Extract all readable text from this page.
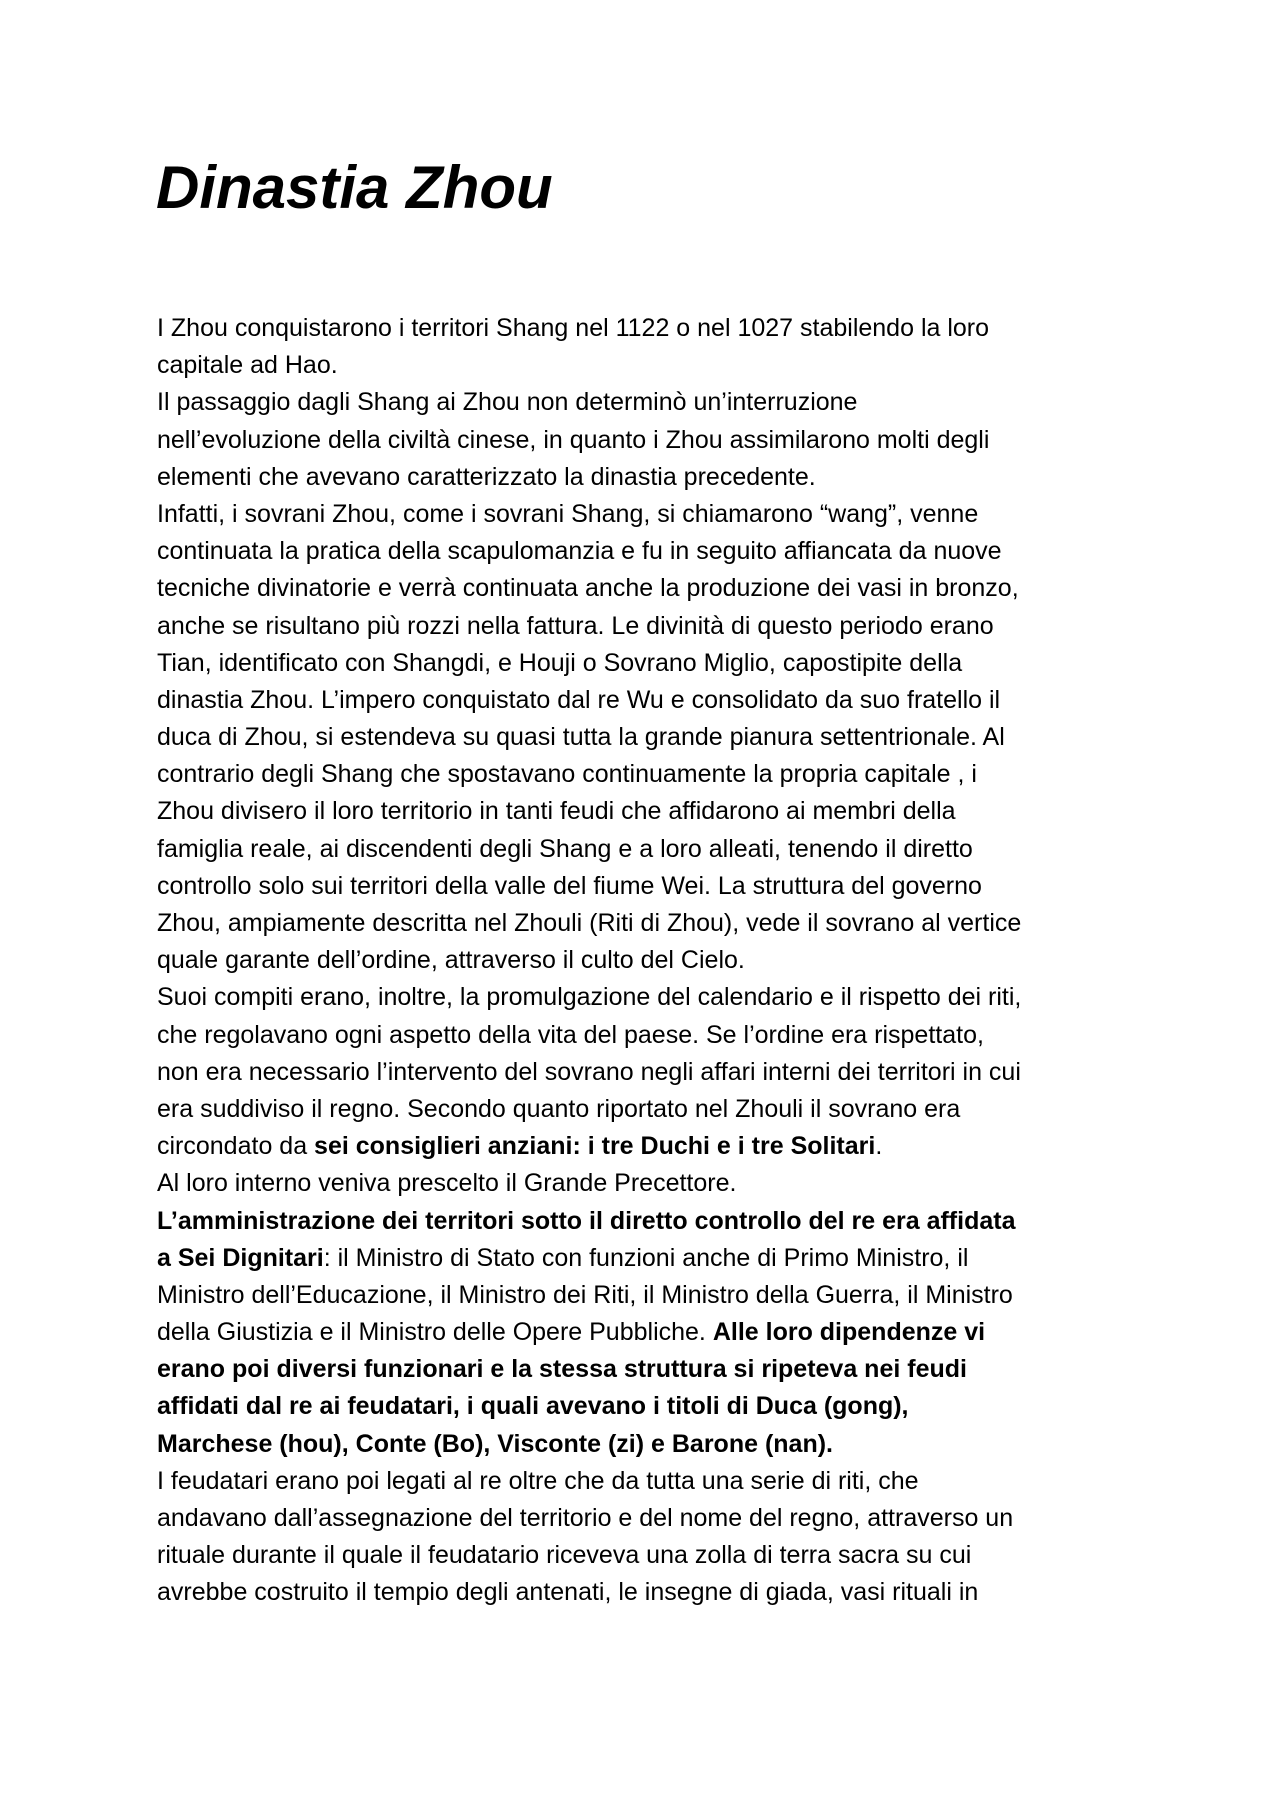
Dinastia Zhou
I Zhou conquistarono i territori Shang nel 1122 o nel 1027 stabilendo la loro
capitale ad Hao.
Il passaggio dagli Shang ai Zhou non determinò un’interruzione
nell’evoluzione della civiltà cinese, in quanto i Zhou assimilarono molti degli
elementi che avevano caratterizzato la dinastia precedente.
Infatti, i sovrani Zhou, come i sovrani Shang, si chiamarono “wang”, venne
continuata la pratica della scapulomanzia e fu in seguito affiancata da nuove
tecniche divinatorie e verrà continuata anche la produzione dei vasi in bronzo,
anche se risultano più rozzi nella fattura. Le divinità di questo periodo erano
Tian, identificato con Shangdi, e Houji o Sovrano Miglio, capostipite della
dinastia Zhou. L’impero conquistato dal re Wu e consolidato da suo fratello il
duca di Zhou, si estendeva su quasi tutta la grande pianura settentrionale. Al
contrario degli Shang che spostavano continuamente la propria capitale , i
Zhou divisero il loro territorio in tanti feudi che affidarono ai membri della
famiglia reale, ai discendenti degli Shang e a loro alleati, tenendo il diretto
controllo solo sui territori della valle del fiume Wei. La struttura del governo
Zhou, ampiamente descritta nel Zhouli (Riti di Zhou), vede il sovrano al vertice
quale garante dell’ordine, attraverso il culto del Cielo.
Suoi compiti erano, inoltre, la promulgazione del calendario e il rispetto dei riti,
che regolavano ogni aspetto della vita del paese. Se l’ordine era rispettato,
non era necessario l’intervento del sovrano negli affari interni dei territori in cui
era suddiviso il regno. Secondo quanto riportato nel Zhouli il sovrano era
circondato da sei consiglieri anziani: i tre Duchi e i tre Solitari.
Al loro interno veniva prescelto il Grande Precettore.
L’amministrazione dei territori sotto il diretto controllo del re era affidata
a Sei Dignitari: il Ministro di Stato con funzioni anche di Primo Ministro, il
Ministro dell’Educazione, il Ministro dei Riti, il Ministro della Guerra, il Ministro
della Giustizia e il Ministro delle Opere Pubbliche. Alle loro dipendenze vi
erano poi diversi funzionari e la stessa struttura si ripeteva nei feudi
affidati dal re ai feudatari, i quali avevano i titoli di Duca (gong),
Marchese (hou), Conte (Bo), Visconte (zi) e Barone (nan).
I feudatari erano poi legati al re oltre che da tutta una serie di riti, che
andavano dall’assegnazione del territorio e del nome del regno, attraverso un
rituale durante il quale il feudatario riceveva una zolla di terra sacra su cui
avrebbe costruito il tempio degli antenati, le insegne di giada, vasi rituali in
